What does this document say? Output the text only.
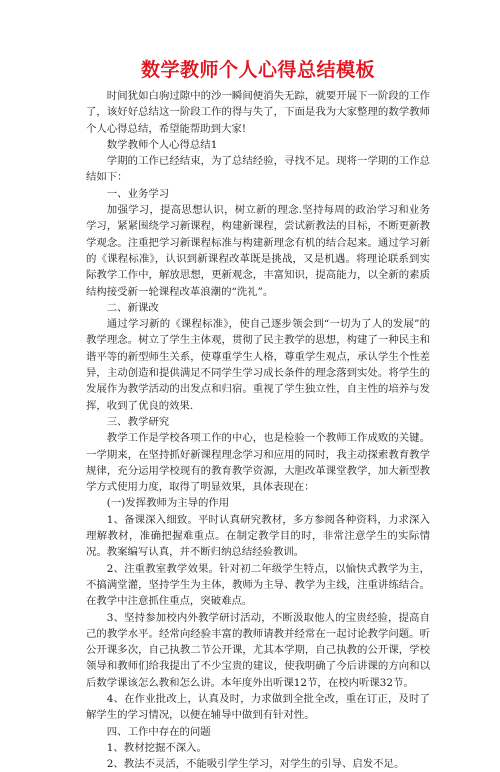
数学教师个人心得总结模板

时间犹如白驹过隙中的沙一瞬间便消失无踪，就要开展下一阶段的工作了，该好好总结这一阶段工作的得与失了，下面是我为大家整理的数学教师个人心得总结，希望能帮助到大家!

数学教师个人心得总结1

学期的工作已经结束，为了总结经验，寻找不足。现将一学期的工作总结如下：

一、业务学习

加强学习，提高思想认识，树立新的理念.坚持每周的政治学习和业务学习，紧紧围绕学习新课程，构建新课程，尝试新教法的目标，不断更新教学观念。注重把学习新课程标准与构建新理念有机的结合起来。通过学习新的《课程标准》，认识到新课程改革既是挑战，又是机遇。将理论联系到实际教学工作中，解放思想，更新观念，丰富知识，提高能力，以全新的素质结构接受新一轮课程改革浪潮的“洗礼”。

二、新课改

通过学习新的《课程标准》，使自己逐步领会到“一切为了人的发展”的教学理念。树立了学生主体观，贯彻了民主教学的思想，构建了一种民主和谐平等的新型师生关系，使尊重学生人格，尊重学生观点，承认学生个性差异，主动创造和提供满足不同学生学习成长条件的理念落到实处。将学生的发展作为教学活动的出发点和归宿。重视了学生独立性，自主性的培养与发挥，收到了优良的效果.

三、教学研究

教学工作是学校各项工作的中心，也是检验一个教师工作成败的关键。一学期来，在坚持抓好新课程理念学习和应用的同时，我主动探索教育教学规律，充分运用学校现有的教育教学资源，大胆改革课堂教学，加大新型教学方式使用力度，取得了明显效果，具体表现在：

(一)发挥教师为主导的作用

1、备课深入细致。平时认真研究教材，多方参阅各种资料，力求深入理解教材，准确把握难重点。在制定教学目的时，非常注意学生的实际情况。教案编写认真，并不断归纳总结经验教训。

2、注重教室教学效果。针对初二年级学生特点，以愉快式教学为主，不搞满堂灌，坚持学生为主体，教师为主导、教学为主线，注重讲练结合。在教学中注意抓住重点，突破难点。

3、坚持参加校内外教学研讨活动，不断汲取他人的宝贵经验，提高自己的教学水平。经常向经验丰富的教师请教并经常在一起讨论教学问题。听公开课多次，自己执教二节公开课，尤其本学期，自己执教的公开课，学校领导和教师们给我提出了不少宝贵的建议，使我明确了今后讲课的方向和以后数学课该怎么教和怎么讲。本年度外出听课12节，在校内听课32节。

4、在作业批改上，认真及时，力求做到全批全改，重在订正，及时了解学生的学习情况，以便在辅导中做到有针对性。

四、工作中存在的问题

1、教材挖掘不深入。

2、教法不灵活，不能吸引学生学习，对学生的引导、启发不足。
